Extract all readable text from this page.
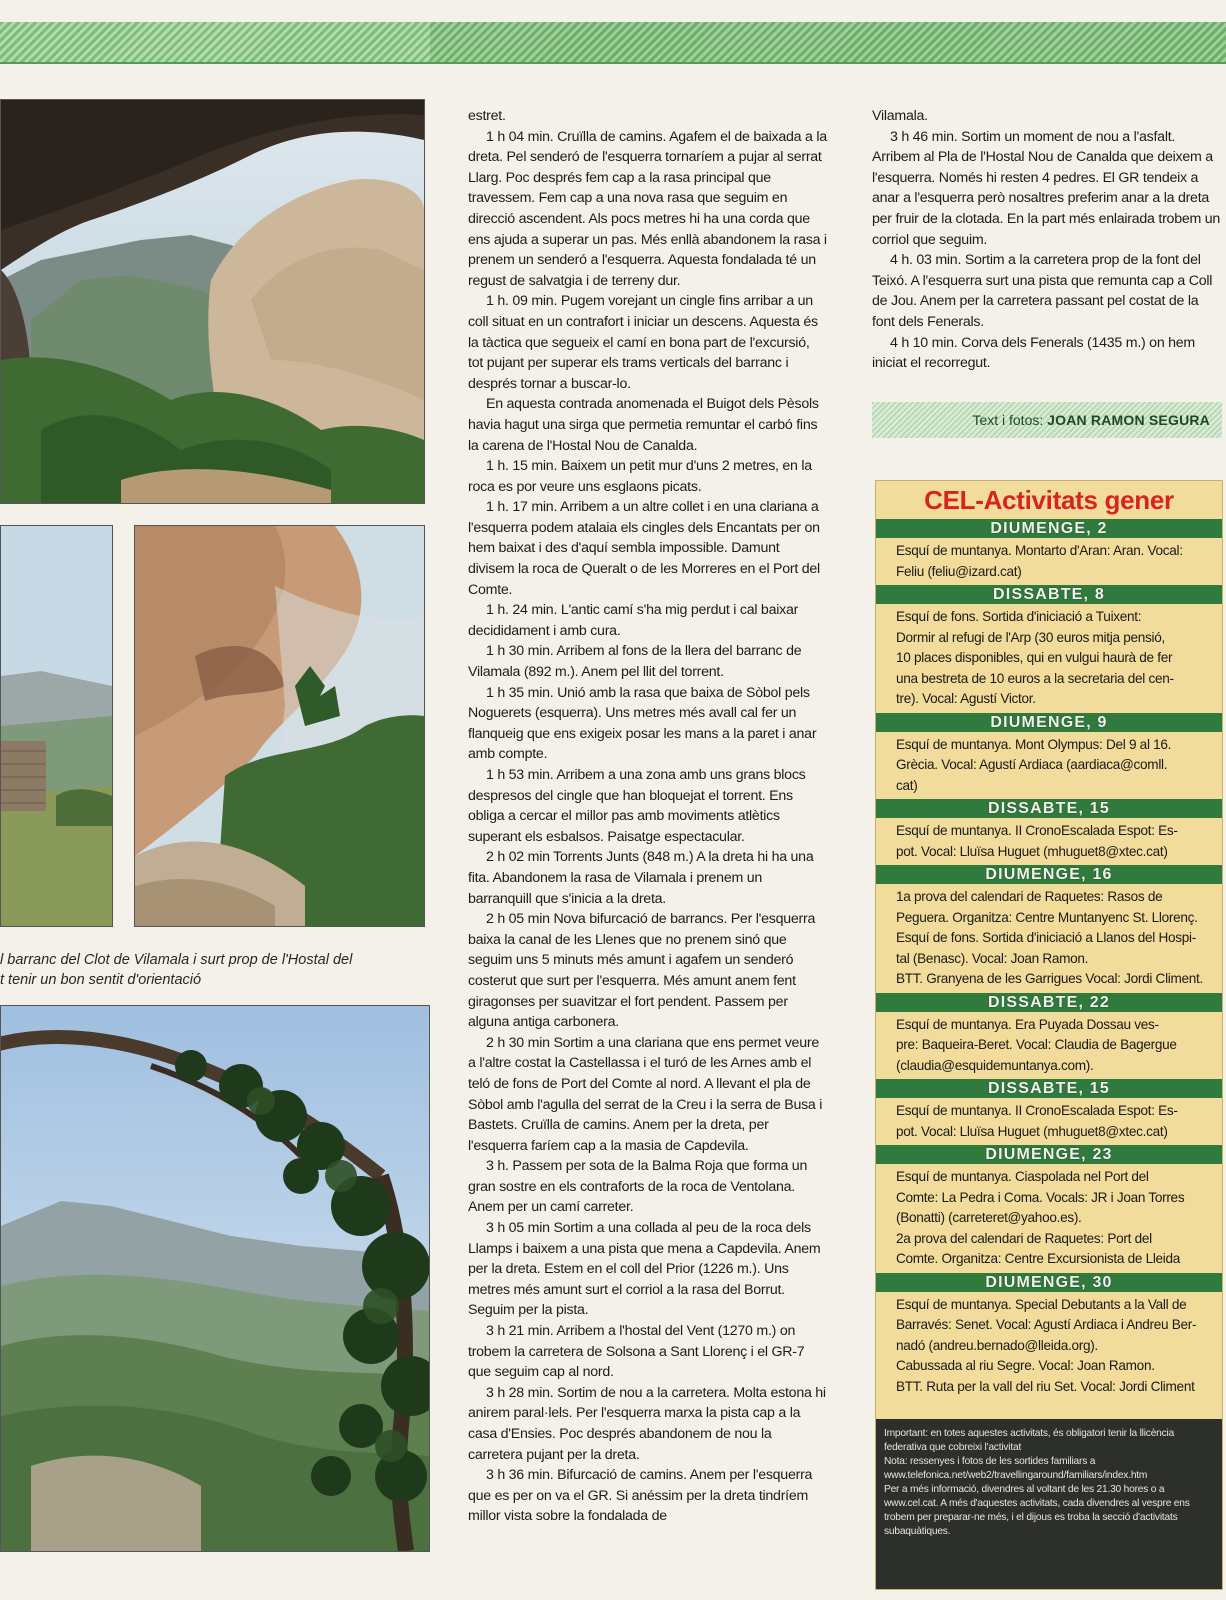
l barranc del Clot de Vilamala i surt prop de l'Hostal del
t tenir un bon sentit d'orientació

estret.

1 h 04 min. Cruïlla de camins. Agafem el de baixada a la dreta. Pel senderó de l'esquerra tornaríem a pujar al serrat Llarg. Poc després fem cap a la rasa principal que travessem. Fem cap a una nova rasa que seguim en direcció ascendent. Als pocs metres hi ha una corda que ens ajuda a superar un pas. Més enllà abandonem la rasa i prenem un senderó a l'esquerra. Aquesta fondalada té un regust de salvatgia i de terreny dur.

1 h. 09 min. Pugem vorejant un cingle fins arribar a un coll situat en un contrafort i iniciar un descens. Aquesta és la tàctica que segueix el camí en bona part de l'excursió, tot pujant per superar els trams verticals del barranc i després tornar a buscar-lo.

En aquesta contrada anomenada el Buigot dels Pèsols havia hagut una sirga que permetia remuntar el carbó fins la carena de l'Hostal Nou de Canalda.

1 h. 15 min. Baixem un petit mur d'uns 2 metres, en la roca es por veure uns esglaons picats.

1 h. 17 min. Arribem a un altre collet i en una clariana a l'esquerra podem atalaia els cingles dels Encantats per on hem baixat i des d'aquí sembla impossible. Damunt divisem la roca de Queralt o de les Morreres en el Port del Comte.

1 h. 24 min. L'antic camí s'ha mig perdut i cal baixar decididament i amb cura.

1 h 30 min. Arribem al fons de la llera del barranc de Vilamala (892 m.). Anem pel llit del torrent.

1 h 35 min. Unió amb la rasa que baixa de Sòbol pels Noguerets (esquerra). Uns metres més avall cal fer un flanqueig que ens exigeix posar les mans a la paret i anar amb compte.

1 h 53 min. Arribem a una zona amb uns grans blocs despresos del cingle que han bloquejat el torrent. Ens obliga a cercar el millor pas amb moviments atlètics superant els esbalsos. Paisatge espectacular.

2 h 02 min Torrents Junts (848 m.) A la dreta hi ha una fita. Abandonem la rasa de Vilamala i prenem un barranquill que s'inicia a la dreta.

2 h 05 min Nova bifurcació de barrancs. Per l'esquerra baixa la canal de les Llenes que no prenem sinó que seguim uns 5 minuts més amunt i agafem un senderó costerut que surt per l'esquerra. Més amunt anem fent giragonses per suavitzar el fort pendent. Passem per alguna antiga carbonera.

2 h 30 min Sortim a una clariana que ens permet veure a l'altre costat la Castellassa i el turó de les Arnes amb el teló de fons de Port del Comte al nord. A llevant el pla de Sòbol amb l'agulla del serrat de la Creu i la serra de Busa i Bastets. Cruïlla de camins. Anem per la dreta, per l'esquerra faríem cap a la masia de Capdevila.

3 h. Passem per sota de la Balma Roja que forma un gran sostre en els contraforts de la roca de Ventolana. Anem per un camí carreter.

3 h 05 min Sortim a una collada al peu de la roca dels Llamps i baixem a una pista que mena a Capdevila. Anem per la dreta. Estem en el coll del Prior (1226 m.). Uns metres més amunt surt el corriol a la rasa del Borrut. Seguim per la pista.

3 h 21 min. Arribem a l'hostal del Vent (1270 m.) on trobem la carretera de Solsona a Sant Llorenç i el GR-7 que seguim cap al nord.

3 h 28 min. Sortim de nou a la carretera. Molta estona hi anirem paral·lels. Per l'esquerra marxa la pista cap a la casa d'Ensies. Poc després abandonem de nou la carretera pujant per la dreta.

3 h 36 min. Bifurcació de camins. Anem per l'esquerra que es per on va el GR. Si anéssim per la dreta tindríem millor vista sobre la fondalada de

Vilamala.

3 h 46 min. Sortim un moment de nou a l'asfalt. Arribem al Pla de l'Hostal Nou de Canalda que deixem a l'esquerra. Només hi resten 4 pedres. El GR tendeix a anar a l'esquerra però nosaltres preferim anar a la dreta per fruir de la clotada. En la part més enlairada trobem un corriol que seguim.

4 h. 03 min. Sortim a la carretera prop de la font del Teixó. A l'esquerra surt una pista que remunta cap a Coll de Jou. Anem per la carretera passant pel costat de la font dels Fenerals.

4 h 10 min. Corva dels Fenerals (1435 m.) on hem iniciat el recorregut.

Text i fotos: JOAN RAMON SEGURA
CEL-Activitats gener
DIUMENGE, 2
Esquí de muntanya. Montarto d'Aran: Aran. Vocal:
Feliu (feliu@izard.cat)
DISSABTE, 8
Esquí de fons. Sortida d'iniciació a Tuixent:
Dormir al refugi de l'Arp (30 euros mitja pensió,
10 places disponibles, qui en vulgui haurà de fer
una bestreta de 10 euros a la secretaria del cen-
tre). Vocal: Agustí Victor.
DIUMENGE, 9
Esquí de muntanya. Mont Olympus: Del 9 al 16.
Grècia. Vocal: Agustí Ardiaca (aardiaca@comll.
cat)
DISSABTE, 15
Esquí de muntanya. II CronoEscalada Espot: Es-
pot. Vocal: Lluïsa Huguet (mhuguet8@xtec.cat)
DIUMENGE, 16
1a prova del calendari de Raquetes: Rasos de
Peguera. Organitza: Centre Muntanyenc St. Llorenç.
Esquí de fons. Sortida d'iniciació a Llanos del Hospi-
tal (Benasc). Vocal: Joan Ramon.
BTT. Granyena de les Garrigues Vocal: Jordi Climent.
DISSABTE, 22
Esquí de muntanya. Era Puyada Dossau ves-
pre: Baqueira-Beret. Vocal: Claudia de Bagergue
(claudia@esquidemuntanya.com).
DISSABTE, 15
Esquí de muntanya. II CronoEscalada Espot: Es-
pot. Vocal: Lluïsa Huguet (mhuguet8@xtec.cat)
DIUMENGE, 23
Esquí de muntanya. Ciaspolada nel Port del
Comte: La Pedra i Coma. Vocals: JR i Joan Torres
(Bonatti) (carreteret@yahoo.es).
2a prova del calendari de Raquetes: Port del
Comte. Organitza: Centre Excursionista de Lleida
DIUMENGE, 30
Esquí de muntanya. Special Debutants a la Vall de
Barravés: Senet. Vocal: Agustí Ardiaca i Andreu Ber-
nadó (andreu.bernado@lleida.org).
Cabussada al riu Segre. Vocal: Joan Ramon.
BTT. Ruta per la vall del riu Set. Vocal: Jordi Climent
Important: en totes aquestes activitats, és obligatori tenir la llicència federativa que cobreixi l'activitat
Nota: ressenyes i fotos de les sortides familiars a www.telefonica.net/web2/travellingaround/familiars/index.htm
Per a més informació, divendres al voltant de les 21.30 hores o a www.cel.cat. A més d'aquestes activitats, cada divendres al vespre ens trobem per preparar-ne més, i el dijous es troba la secció d'activitats subaquàtiques.
